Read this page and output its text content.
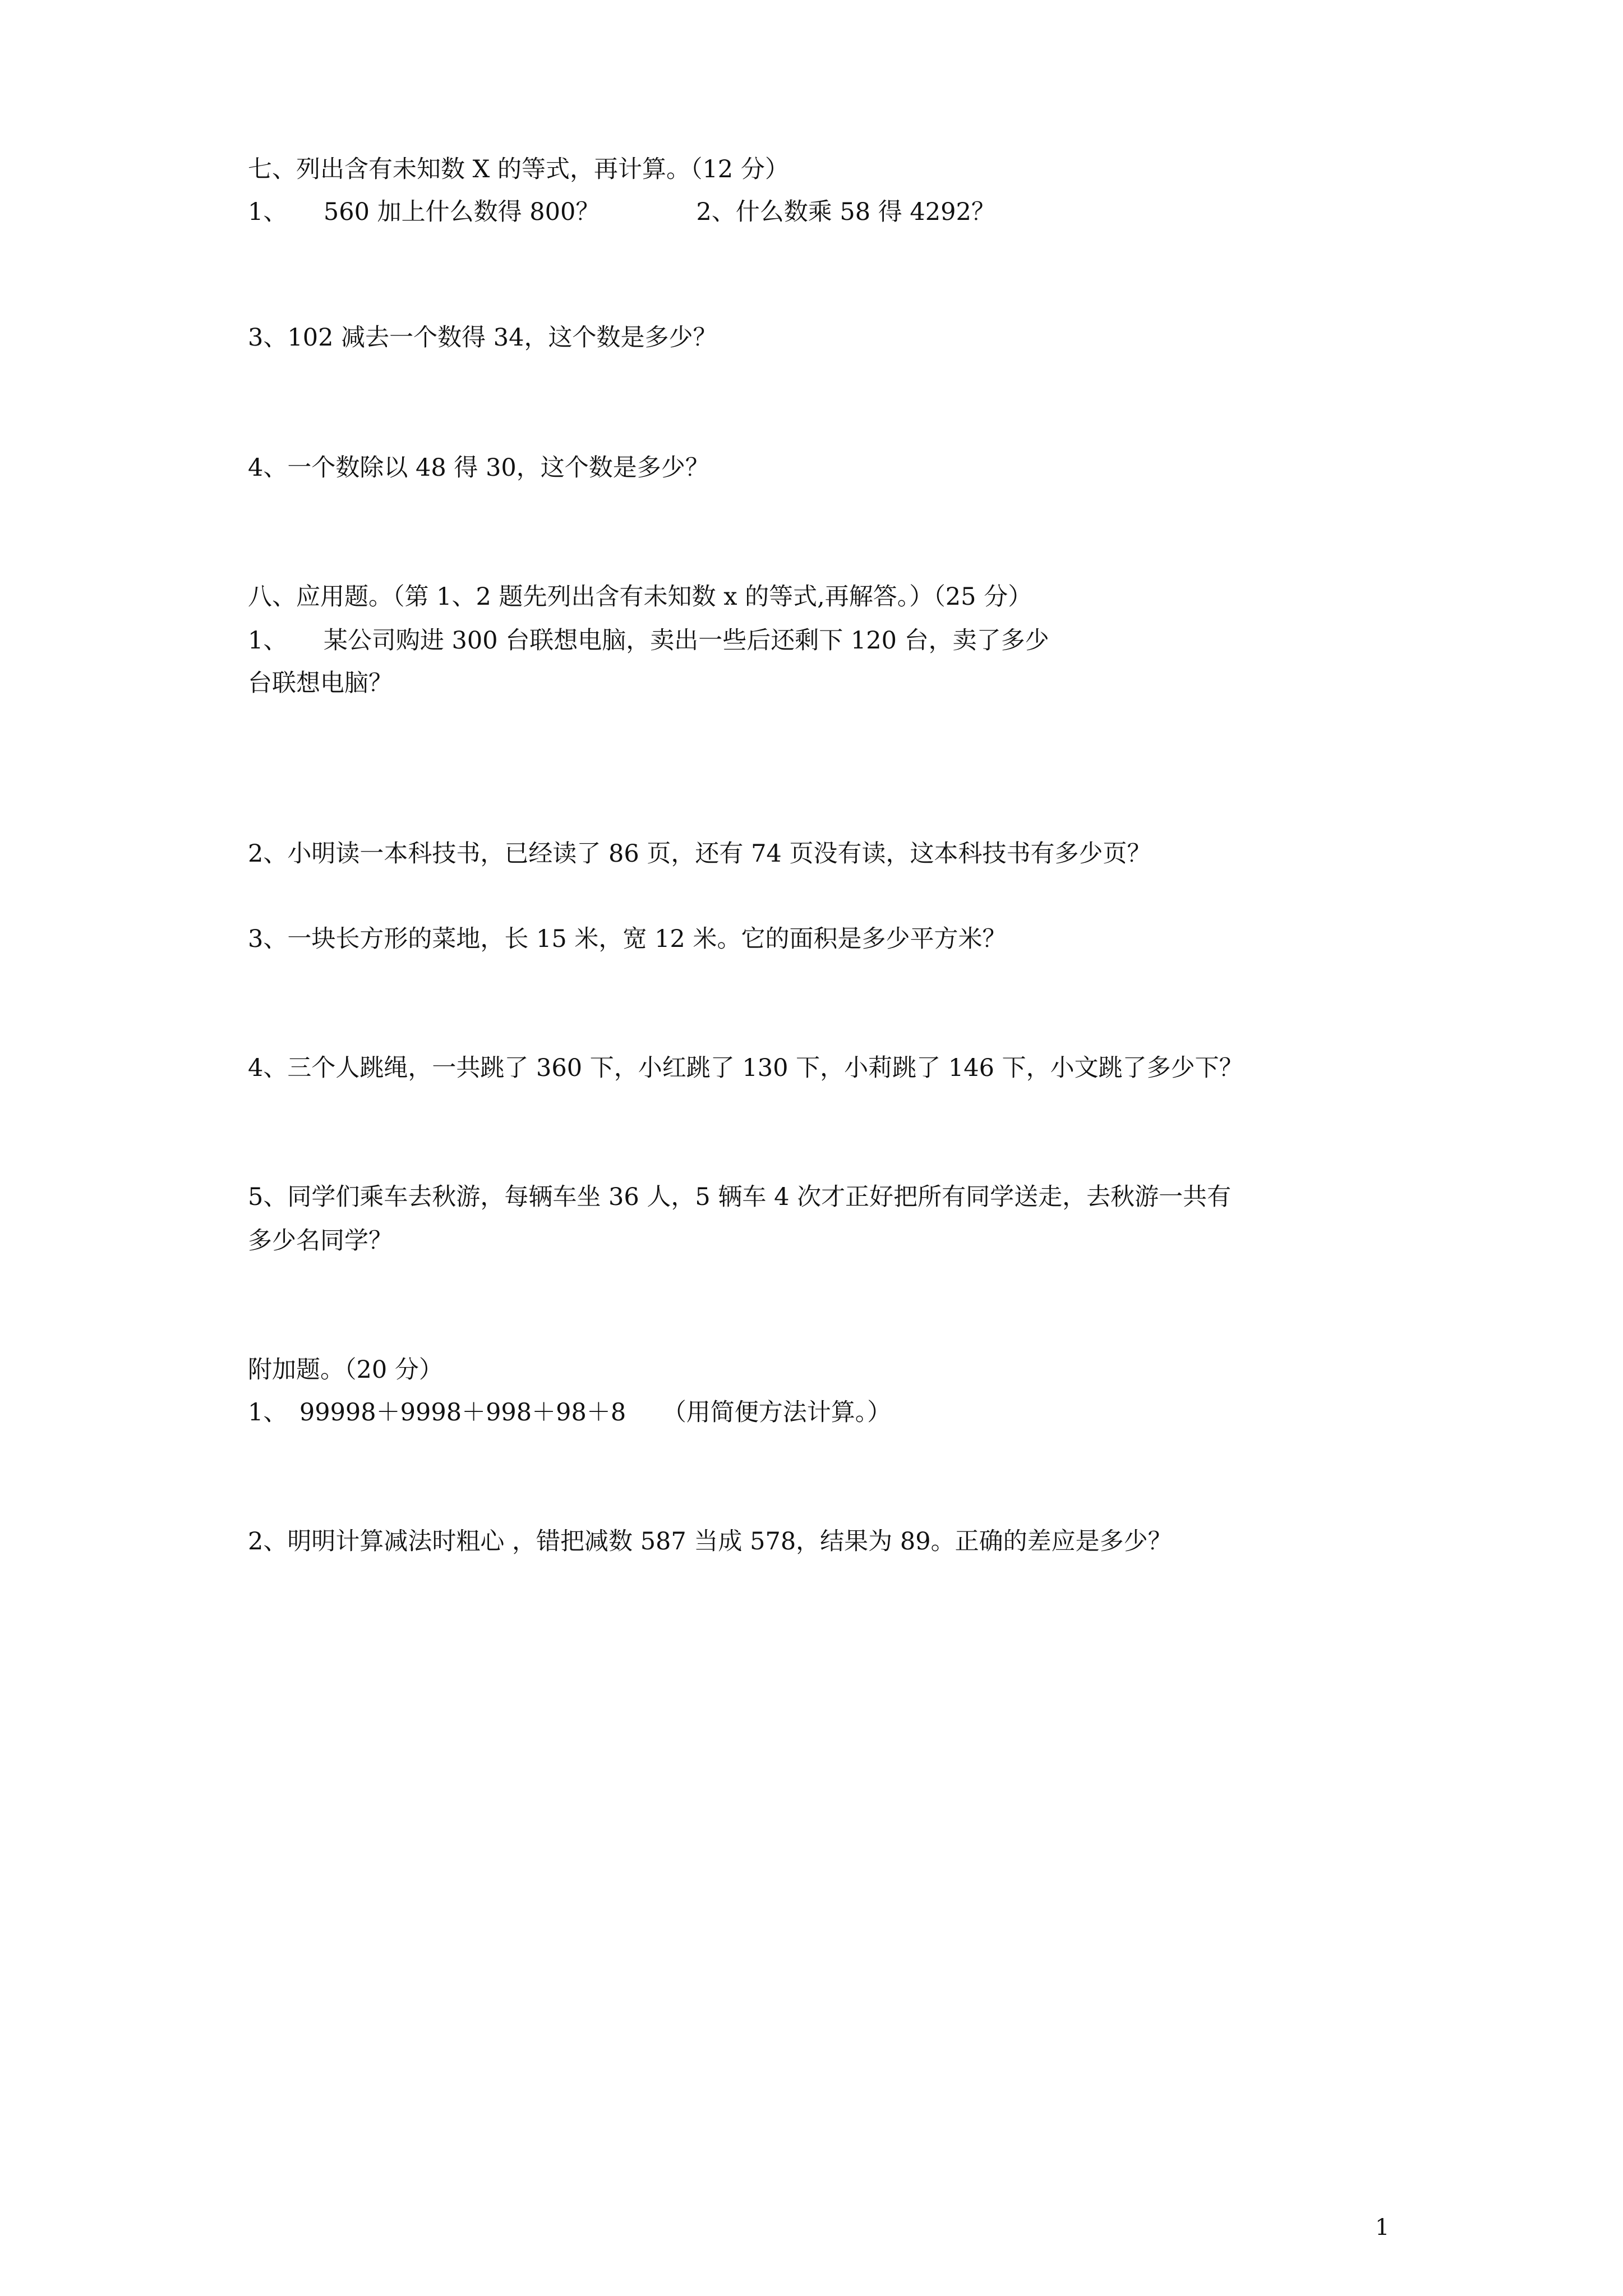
七、列出含有未知数 X 的等式，再计算。（12 分）

1、　　560 加上什么数得 800？　　　　2、什么数乘 58 得 4292？

3、102 减去一个数得 34，这个数是多少？

4、一个数除以 48 得 30，这个数是多少？

八、应用题。（第 1、2 题先列出含有未知数 x 的等式,再解答。）（25 分）

1、　　某公司购进 300 台联想电脑，卖出一些后还剩下 120 台，卖了多少

台联想电脑？

2、小明读一本科技书，已经读了 86 页，还有 74 页没有读，这本科技书有多少页？

3、一块长方形的菜地，长 15 米，宽 12 米。它的面积是多少平方米？

4、三个人跳绳，一共跳了 360 下，小红跳了 130 下，小莉跳了 146 下，小文跳了多少下？

5、同学们乘车去秋游，每辆车坐 36 人，5 辆车 4 次才正好把所有同学送走，去秋游一共有

多少名同学？

附加题。（20 分）

1、　99998＋9998＋998＋98＋8　　（用简便方法计算。）

2、明明计算减法时粗心 ，错把减数 587 当成 578，结果为 89。正确的差应是多少？

1
